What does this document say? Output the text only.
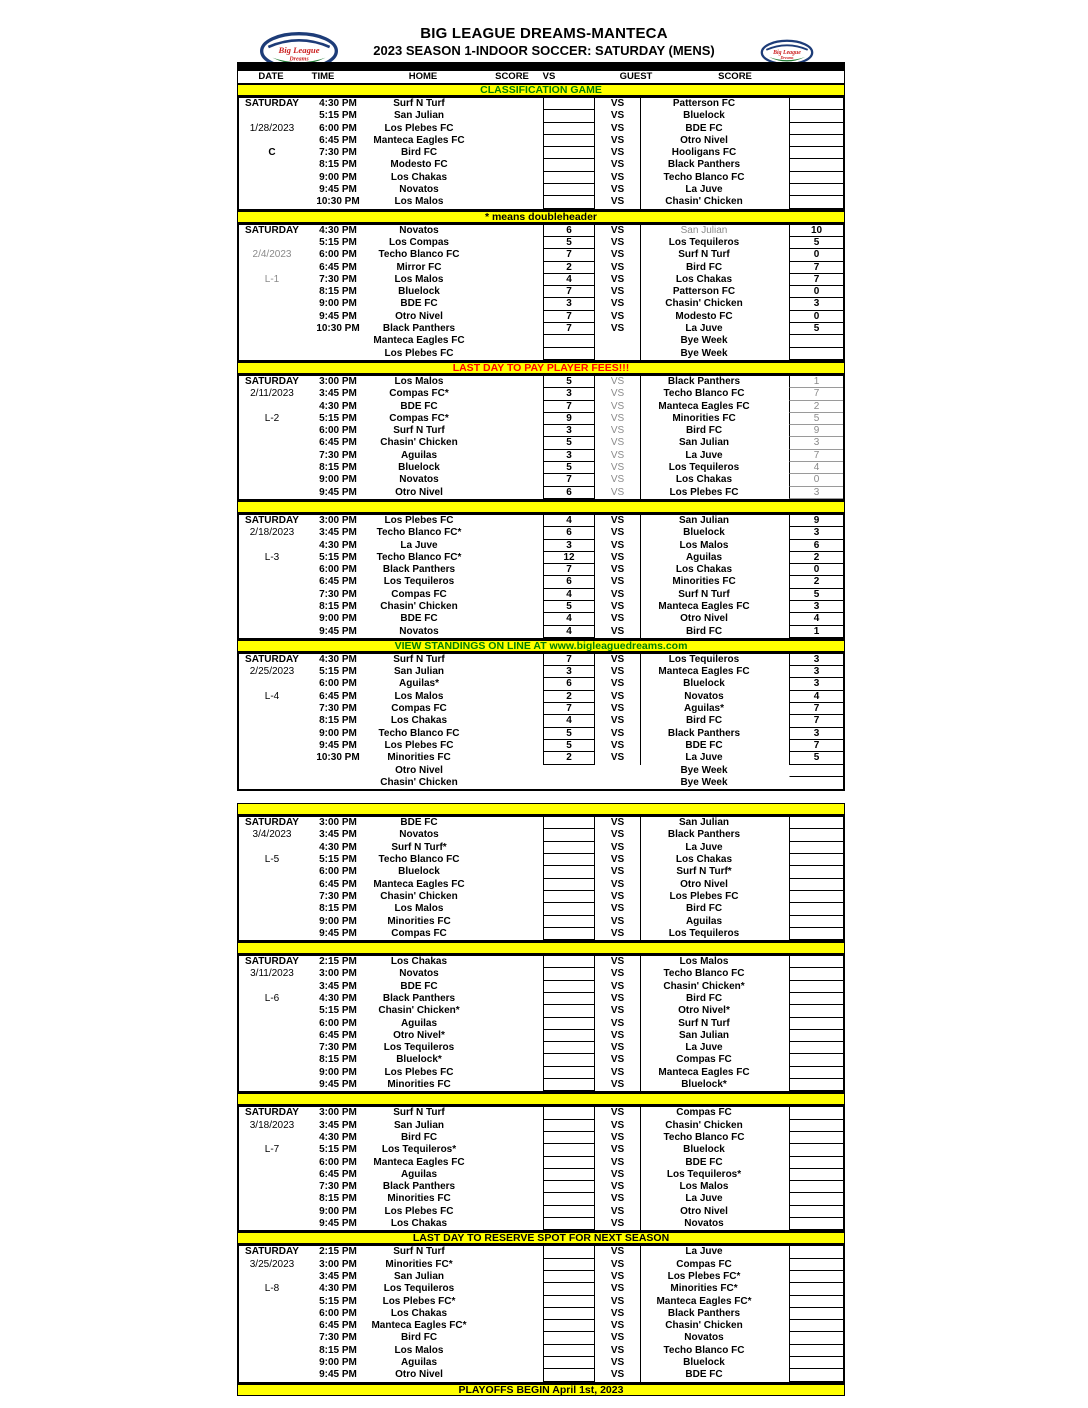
BIG LEAGUE DREAMS-MANTECA
2023 SEASON 1-INDOOR SOCCER: SATURDAY (MENS)
Big League
Dreams
Big League
Dreams
DATE	TIME	HOME	SCORE VS	GUEST	SCORE
CLASSIFICATION GAME
SATURDAY
1/28/2023
C
4:30 PM	Surf N Turf	VS	Patterson FC
5:15 PM	San Julian	VS	Bluelock
6:00 PM	Los Plebes FC	VS	BDE FC
6:45 PM	Manteca Eagles FC	VS	Otro Nivel
7:30 PM	Bird FC	VS	Hooligans FC
8:15 PM	Modesto FC	VS	Black Panthers
9:00 PM	Los Chakas	VS	Techo Blanco FC
9:45 PM	Novatos	VS	La Juve
10:30 PM	Los Malos	VS	Chasin' Chicken
* means doubleheader
SATURDAY
2/4/2023
L-1
4:30 PM	Novatos	6	VS	San Julian	10
5:15 PM	Los Compas	5	VS	Los Tequileros	5
6:00 PM	Techo Blanco FC	7	VS	Surf N Turf	0
6:45 PM	Mirror FC	2	VS	Bird FC	7
7:30 PM	Los Malos	4	VS	Los Chakas	7
8:15 PM	Bluelock	7	VS	Patterson FC	0
9:00 PM	BDE FC	3	VS	Chasin' Chicken	3
9:45 PM	Otro Nivel	7	VS	Modesto FC	0
10:30 PM	Black Panthers	7	VS	La Juve	5
Manteca Eagles FC	Bye Week
Los Plebes FC	Bye Week
LAST DAY TO PAY PLAYER FEES!!!
SATURDAY
2/11/2023
L-2
3:00 PM	Los Malos	5	VS	Black Panthers	1
3:45 PM	Compas FC*	3	VS	Techo Blanco FC	7
4:30 PM	BDE FC	7	VS	Manteca Eagles FC	2
5:15 PM	Compas FC*	9	VS	Minorities FC	5
6:00 PM	Surf N Turf	3	VS	Bird FC	9
6:45 PM	Chasin' Chicken	5	VS	San Julian	3
7:30 PM	Aguilas	3	VS	La Juve	7
8:15 PM	Bluelock	5	VS	Los Tequileros	4
9:00 PM	Novatos	7	VS	Los Chakas	0
9:45 PM	Otro Nivel	6	VS	Los Plebes FC	3
SATURDAY
2/18/2023
L-3
3:00 PM	Los Plebes FC	4	VS	San Julian	9
3:45 PM	Techo Blanco FC*	6	VS	Bluelock	3
4:30 PM	La Juve	3	VS	Los Malos	6
5:15 PM	Techo Blanco FC*	12	VS	Aguilas	2
6:00 PM	Black Panthers	7	VS	Los Chakas	0
6:45 PM	Los Tequileros	6	VS	Minorities FC	2
7:30 PM	Compas FC	4	VS	Surf N Turf	5
8:15 PM	Chasin' Chicken	5	VS	Manteca Eagles FC	3
9:00 PM	BDE FC	4	VS	Otro Nivel	4
9:45 PM	Novatos	4	VS	Bird FC	1
VIEW STANDINGS ON LINE AT www.bigleaguedreams.com
SATURDAY
2/25/2023
L-4
4:30 PM	Surf N Turf	7	VS	Los Tequileros	3
5:15 PM	San Julian	3	VS	Manteca Eagles FC	3
6:00 PM	Aguilas*	6	VS	Bluelock	3
6:45 PM	Los Malos	2	VS	Novatos	4
7:30 PM	Compas FC	7	VS	Aguilas*	7
8:15 PM	Los Chakas	4	VS	Bird FC	7
9:00 PM	Techo Blanco FC	5	VS	Black Panthers	3
9:45 PM	Los Plebes FC	5	VS	BDE FC	7
10:30 PM	Minorities FC	2	VS	La Juve	5
Otro Nivel	Bye Week
Chasin' Chicken	Bye Week
SATURDAY
3/4/2023
L-5
3:00 PM	BDE FC	VS	San Julian
3:45 PM	Novatos	VS	Black Panthers
4:30 PM	Surf N Turf*	VS	La Juve
5:15 PM	Techo Blanco FC	VS	Los Chakas
6:00 PM	Bluelock	VS	Surf N Turf*
6:45 PM	Manteca Eagles FC	VS	Otro Nivel
7:30 PM	Chasin' Chicken	VS	Los Plebes FC
8:15 PM	Los Malos	VS	Bird FC
9:00 PM	Minorities FC	VS	Aguilas
9:45 PM	Compas FC	VS	Los Tequileros
SATURDAY
3/11/2023
L-6
2:15 PM	Los Chakas	VS	Los Malos
3:00 PM	Novatos	VS	Techo Blanco FC
3:45 PM	BDE FC	VS	Chasin' Chicken*
4:30 PM	Black Panthers	VS	Bird FC
5:15 PM	Chasin' Chicken*	VS	Otro Nivel*
6:00 PM	Aguilas	VS	Surf N Turf
6:45 PM	Otro Nivel*	VS	San Julian
7:30 PM	Los Tequileros	VS	La Juve
8:15 PM	Bluelock*	VS	Compas FC
9:00 PM	Los Plebes FC	VS	Manteca Eagles FC
9:45 PM	Minorities FC	VS	Bluelock*
SATURDAY
3/18/2023
L-7
3:00 PM	Surf N Turf	VS	Compas FC
3:45 PM	San Julian	VS	Chasin' Chicken
4:30 PM	Bird FC	VS	Techo Blanco FC
5:15 PM	Los Tequileros*	VS	Bluelock
6:00 PM	Manteca Eagles FC	VS	BDE FC
6:45 PM	Aguilas	VS	Los Tequileros*
7:30 PM	Black Panthers	VS	Los Malos
8:15 PM	Minorities FC	VS	La Juve
9:00 PM	Los Plebes FC	VS	Otro Nivel
9:45 PM	Los Chakas	VS	Novatos
LAST DAY TO RESERVE SPOT FOR NEXT SEASON
SATURDAY
3/25/2023
L-8
2:15 PM	Surf N Turf	VS	La Juve
3:00 PM	Minorities FC*	VS	Compas FC
3:45 PM	San Julian	VS	Los Plebes FC*
4:30 PM	Los Tequileros	VS	Minorities FC*
5:15 PM	Los Plebes FC*	VS	Manteca Eagles FC*
6:00 PM	Los Chakas	VS	Black Panthers
6:45 PM	Manteca Eagles FC*	VS	Chasin' Chicken
7:30 PM	Bird FC	VS	Novatos
8:15 PM	Los Malos	VS	Techo Blanco FC
9:00 PM	Aguilas	VS	Bluelock
9:45 PM	Otro Nivel	VS	BDE FC
PLAYOFFS BEGIN April 1st, 2023
